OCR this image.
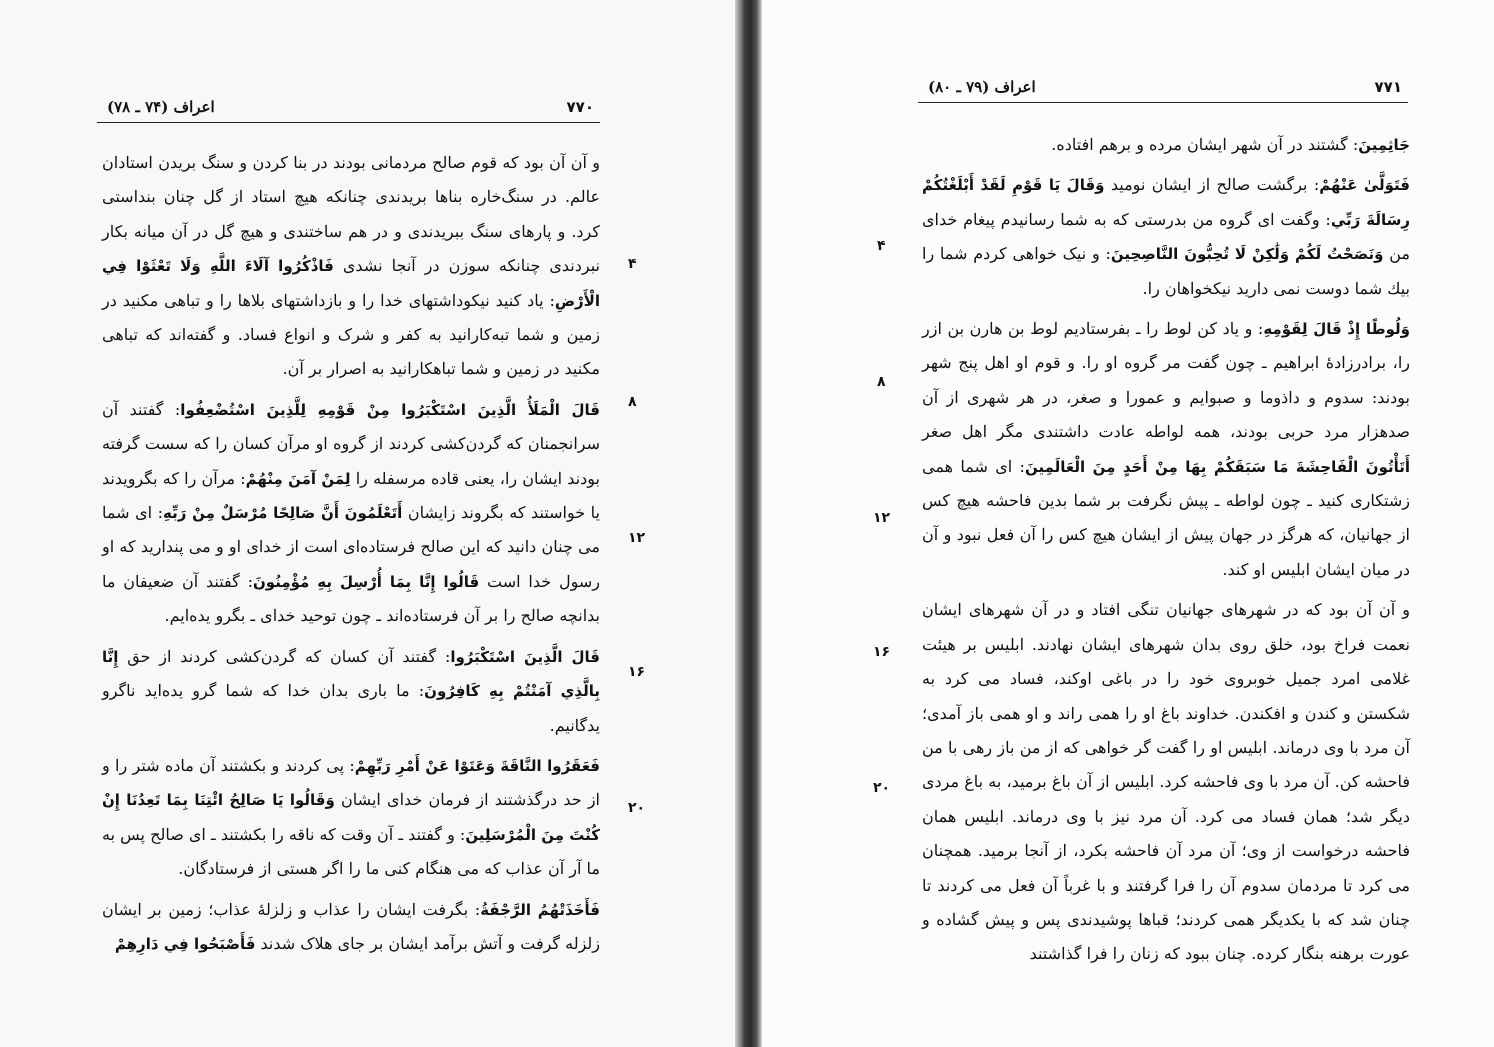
۷۷۰
اعراف (۷۴ ـ ۷۸)

و آن آن بود که قوم صالح مردمانی بودند در بنا کردن و سنگ بریدن استادان عالم. در سنگ‌خاره بناها بریدندی چنانکه هیچ استاد از گل چنان بنداستی کرد. و پارهای سنگ ببریدندی و در هم ساختندی و هیچ گل در آن میانه بکار نبردندی چنانکه سوزن در آنجا نشدی فَاذْكُرُوا آلَاءَ اللَّهِ وَلَا تَعْثَوْا فِي الْأَرْضِ: یاد کنید نیکوداشتهای خدا را و بازداشتهای بلاها را و تباهی مکنید در زمین و شما تبه‌کارانید به کفر و شرک و انواع فساد. و گفته‌اند که تباهی مکنید در زمین و شما تباهکارانید به اصرار بر آن.

قَالَ الْمَلَأُ الَّذِينَ اسْتَكْبَرُوا مِنْ قَوْمِهِ لِلَّذِينَ اسْتُضْعِفُوا: گفتند آن سرانجمنان که گردن‌کشی کردند از گروه او مرآن کسان را که سست گرفته بودند ایشان را، یعنی قاده مرسفله را لِمَنْ آمَنَ مِنْهُمْ: مرآن را که بگرویدند یا خواستند که بگروند زایشان أَتَعْلَمُونَ أَنَّ صَالِحًا مُرْسَلٌ مِنْ رَبِّهِ: ای شما می چنان دانید که این صالح فرستاده‌ای است از خدای او و می پندارید که او رسول خدا است قَالُوا إِنَّا بِمَا أُرْسِلَ بِهِ مُؤْمِنُونَ: گفتند آن ضعیفان ما بدانچه صالح را بر آن فرستاده‌اند ـ چون توحید خدای ـ بگرو یده‌ایم.

قَالَ الَّذِينَ اسْتَكْبَرُوا: گفتند آن کسان که گردن‌کشی کردند از حق إِنَّا بِالَّذِي آمَنْتُمْ بِهِ كَافِرُونَ: ما باری بدان خدا که شما گرو یده‌اید ناگرو یدگانیم.

فَعَقَرُوا النَّاقَةَ وَعَتَوْا عَنْ أَمْرِ رَبِّهِمْ: پی کردند و بکشتند آن ماده شتر را و از حد درگذشتند از فرمان خدای ایشان وَقَالُوا يَا صَالِحُ ائْتِنَا بِمَا تَعِدُنَا إِنْ كُنْتَ مِنَ الْمُرْسَلِينَ: و گفتند ـ آن وقت که ناقه را بکشتند ـ ای صالح پس به ما آر آن عذاب که می هنگام کنی ما را اگر هستی از فرستادگان.

فَأَخَذَتْهُمُ الرَّجْفَةُ: بگرفت ایشان را عذاب و زلزلهٔ عذاب؛ زمین بر ایشان زلزله گرفت و آتش برآمد ایشان بر جای هلاک شدند فَأَصْبَحُوا فِي دَارِهِمْ

۴
۸
۱۲
۱۶
۲۰
۷۷۱
اعراف (۷۹ ـ ۸۰)

جَاثِمِينَ: گشتند در آن شهر ایشان مرده و برهم افتاده.

فَتَوَلَّىٰ عَنْهُمْ: برگشت صالح از ایشان نومید وَقَالَ يَا قَوْمِ لَقَدْ أَبْلَغْتُكُمْ رِسَالَةَ رَبِّي: وگفت ای گروه من بدرستی که به شما رسانیدم پیغام خدای من وَنَصَحْتُ لَكُمْ وَلَٰكِنْ لَا تُحِبُّونَ النَّاصِحِينَ: و نیک خواهی کردم شما را بیك شما دوست نمی دارید نیکخواهان را.

وَلُوطًا إِذْ قَالَ لِقَوْمِهِ: و یاد کن لوط را ـ بفرستادیم لوط بن هارن بن ازر را، برادرزادهٔ ابراهیم ـ چون گفت مر گروه او را. و قوم او اهل پنج شهر بودند: سدوم و داذوما و صبوایم و عمورا و صغر، در هر شهری از آن صدهزار مرد حربی بودند، همه لواطه عادت داشتندی مگر اهل صغر أَتَأْتُونَ الْفَاحِشَةَ مَا سَبَقَكُمْ بِهَا مِنْ أَحَدٍ مِنَ الْعَالَمِينَ: ای شما همی زشتکاری کنید ـ چون لواطه ـ پیش نگرفت بر شما بدین فاحشه هیچ کس از جهانیان، که هرگز در جهان پیش از ایشان هیچ کس را آن فعل نبود و آن در میان ایشان ابلیس او کند.

و آن آن بود که در شهرهای جهانیان تنگی افتاد و در آن شهرهای ایشان نعمت فراخ بود، خلق روی بدان شهرهای ایشان نهادند. ابلیس بر هیئت غلامی امرد جمیل خوبروی خود را در باغی اوکند، فساد می کرد به شکستن و کندن و افکندن. خداوند باغ او را همی راند و او همی باز آمدی؛ آن مرد با وی درماند. ابلیس او را گفت گر خواهی که از من باز رهی با من فاحشه کن. آن مرد با وی فاحشه کرد. ابلیس از آن باغ برمید، به باغ مردی دیگر شد؛ همان فساد می کرد. آن مرد نیز با وی درماند. ابلیس همان فاحشه درخواست از وی؛ آن مرد آن فاحشه بکرد، از آنجا برمید. همچنان می کرد تا مردمان سدوم آن را فرا گرفتند و با غرباً آن فعل می کردند تا چنان شد که با یکدیگر همی کردند؛ قباها پوشیدندی پس و پیش گشاده و عورت برهنه بنگار کرده. چنان ببود که زنان را فرا گذاشتند

۴
۸
۱۲
۱۶
۲۰
